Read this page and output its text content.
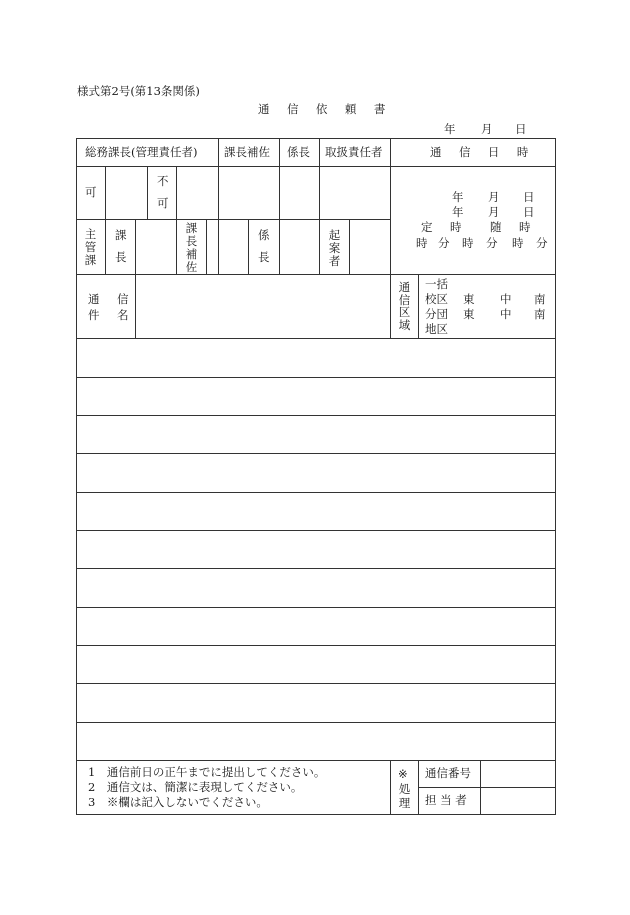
様式第2号(第13条関係)
通 信 依 頼 書
年 月 日
総務課長(管理責任者) 課長補佐 係長 取扱責任者	通 信 日 時
可
不
可
主管課
課
長
課長補佐
係
長
起案者
年 月 日
年 月 日
定 時 随 時
時 分 時 分 時 分
通 信
件 名
通信区域
一括
校区 東 中 南
分団 東 中 南
地区
1　通信前日の正午までに提出してください。
2　通信文は、簡潔に表現してください。
3　※欄は記入しないでください。
※
処理
通信番号
担 当 者
